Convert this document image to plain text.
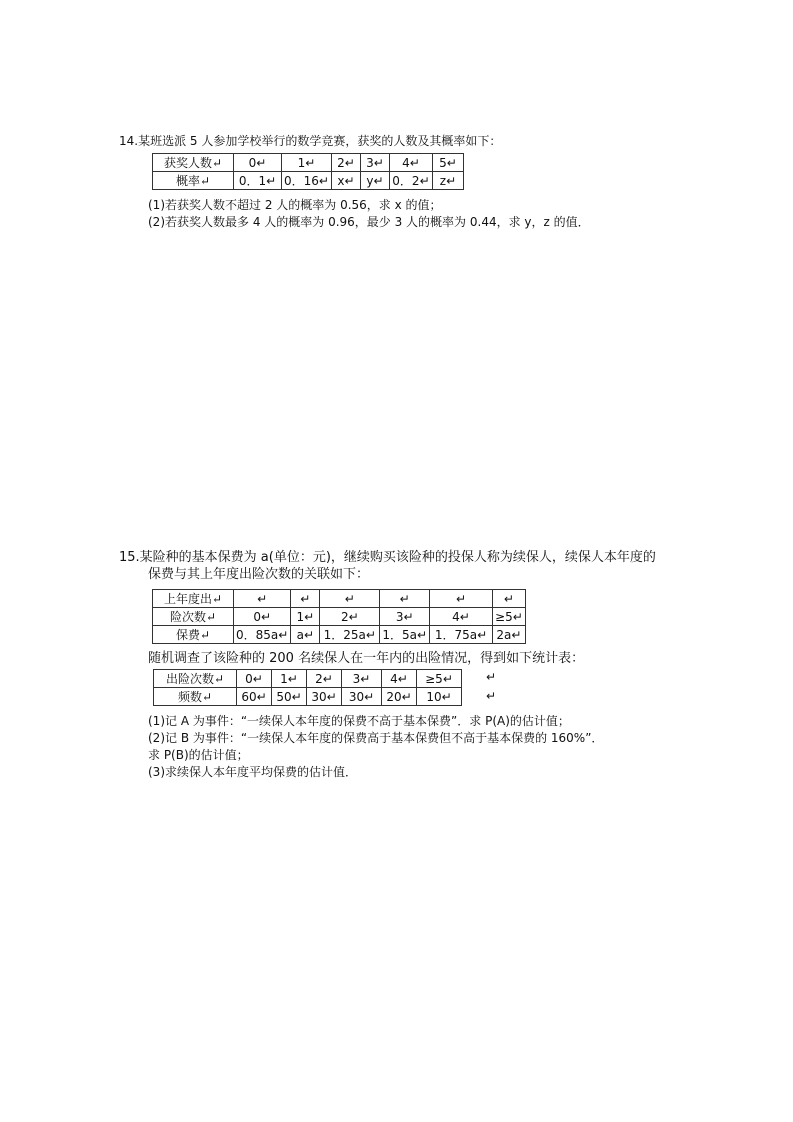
14.某班选派 5 人参加学校举行的数学竞赛，获奖的人数及其概率如下：
获奖人数↵	0↵	1↵	2↵	3↵	4↵	5↵
概率↵	0．1↵	0．16↵	x↵	y↵	0．2↵	z↵
(1)若获奖人数不超过 2 人的概率为 0.56，求 x 的值；
(2)若获奖人数最多 4 人的概率为 0.96，最少 3 人的概率为 0.44，求 y，z 的值．
15.某险种的基本保费为 a(单位：元)，继续购买该险种的投保人称为续保人，续保人本年度的
保费与其上年度出险次数的关联如下：
上年度出↵	↵	↵	↵	↵	↵	↵
险次数↵	0↵	1↵	2↵	3↵	4↵	≥5↵
保费↵	0．85a↵	a↵	1．25a↵	1．5a↵	1．75a↵	2a↵
随机调查了该险种的 200 名续保人在一年内的出险情况，得到如下统计表：
出险次数↵	0↵	1↵	2↵	3↵	4↵	≥5↵
频数↵	60↵	50↵	30↵	30↵	20↵	10↵
↵
↵
(1)记 A 为事件：“一续保人本年度的保费不高于基本保费”．求 P(A)的估计值；
(2)记 B 为事件：“一续保人本年度的保费高于基本保费但不高于基本保费的 160%”．
求 P(B)的估计值；
(3)求续保人本年度平均保费的估计值．
